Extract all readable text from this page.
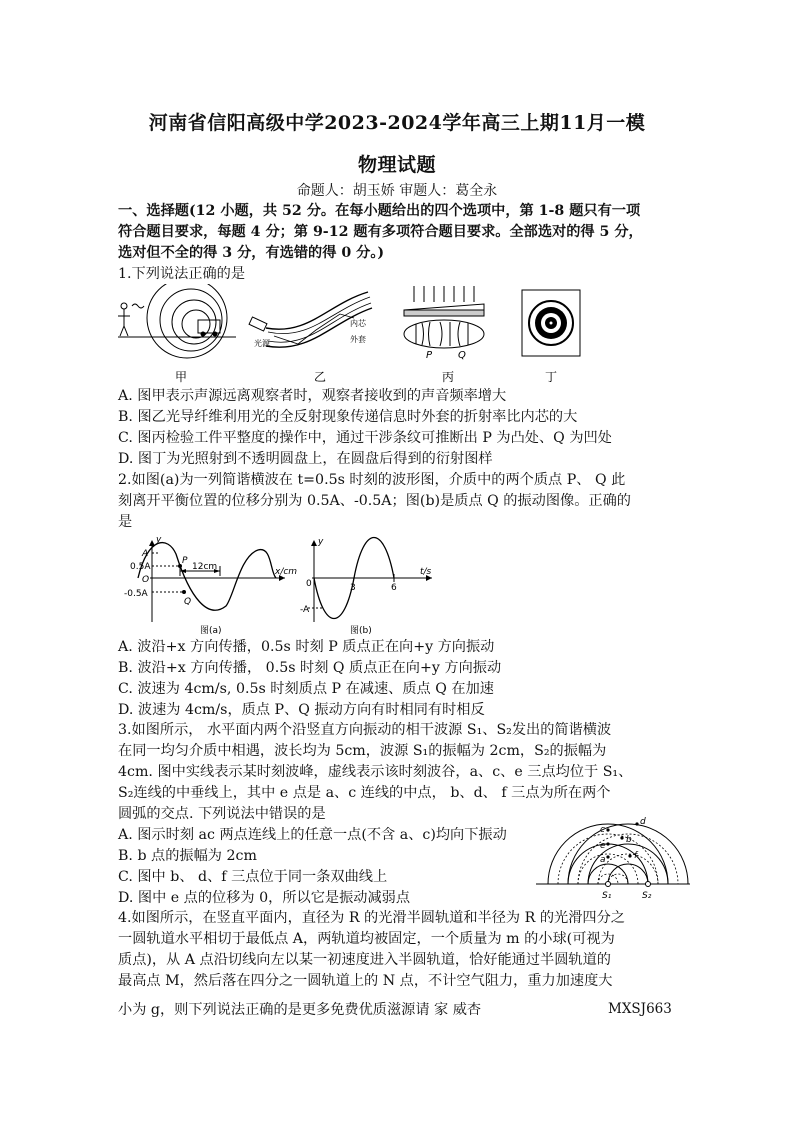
河南省信阳高级中学2023-2024学年高三上期11月一模
物理试题
命题人：胡玉娇 审题人：葛全永
一、选择题(12 小题，共 52 分。在每小题给出的四个选项中，第 1-8 题只有一项
符合题目要求，每题 4 分；第 9-12 题有多项符合题目要求。全部选对的得 5 分，
选对但不全的得 3 分，有选错的得 0 分。)
1.下列说法正确的是
光源
内芯
外套
P	Q
甲	乙	丙	丁
A. 图甲表示声源远离观察者时，观察者接收到的声音频率增大
B. 图乙光导纤维利用光的全反射现象传递信息时外套的折射率比内芯的大
C. 图丙检验工件平整度的操作中，通过干涉条纹可推断出 P 为凸处、Q 为凹处
D. 图丁为光照射到不透明圆盘上，在圆盘后得到的衍射图样
2.如图(a)为一列简谐横波在 t=0.5s 时刻的波形图，介质中的两个质点 P、 Q 此
刻离开平衡位置的位移分别为 0.5A、-0.5A；图(b)是质点 Q 的振动图像。正确的
是
y
A
0.5A
O
-0.5A
P
Q
12cm	x/cm
图(a)
y
0
-A
3	6
t/s
图(b)
A. 波沿+x 方向传播，0.5s 时刻 P 质点正在向+y 方向振动
B. 波沿+x 方向传播， 0.5s 时刻 Q 质点正在向+y 方向振动
C. 波速为 4cm/s, 0.5s 时刻质点 P 在减速、质点 Q 在加速
D. 波速为 4cm/s，质点 P、Q 振动方向有时相同有时相反
3.如图所示， 水平面内两个沿竖直方向振动的相干波源 S₁、S₂发出的简谐横波
在同一均匀介质中相遇，波长均为 5cm，波源 S₁的振幅为 2cm，S₂的振幅为
4cm. 图中实线表示某时刻波峰，虚线表示该时刻波谷，a、c、e 三点均位于 S₁、
S₂连线的中垂线上，其中 e 点是 a、c 连线的中点， b、d、 f 三点为所在两个
圆弧的交点. 下列说法中错误的是
A. 图示时刻 ac 两点连线上的任意一点(不含 a、c)均向下振动
B. b 点的振幅为 2cm
C. 图中 b、 d、f 三点位于同一条双曲线上
D. 图中 e 点的位移为 0，所以它是振动减弱点
a
b
c
d
e
f
S₁	S₂
4.如图所示，在竖直平面内，直径为 R 的光滑半圆轨道和半径为 R 的光滑四分之
一圆轨道水平相切于最低点 A，两轨道均被固定，一个质量为 m 的小球(可视为
质点)，从 A 点沿切线向左以某一初速度进入半圆轨道，恰好能通过半圆轨道的
最高点 M，然后落在四分之一圆轨道上的 N 点，不计空气阻力，重力加速度大
小为 g，则下列说法正确的是更多免费优质滋源请 家 威杏	MXSJ663
